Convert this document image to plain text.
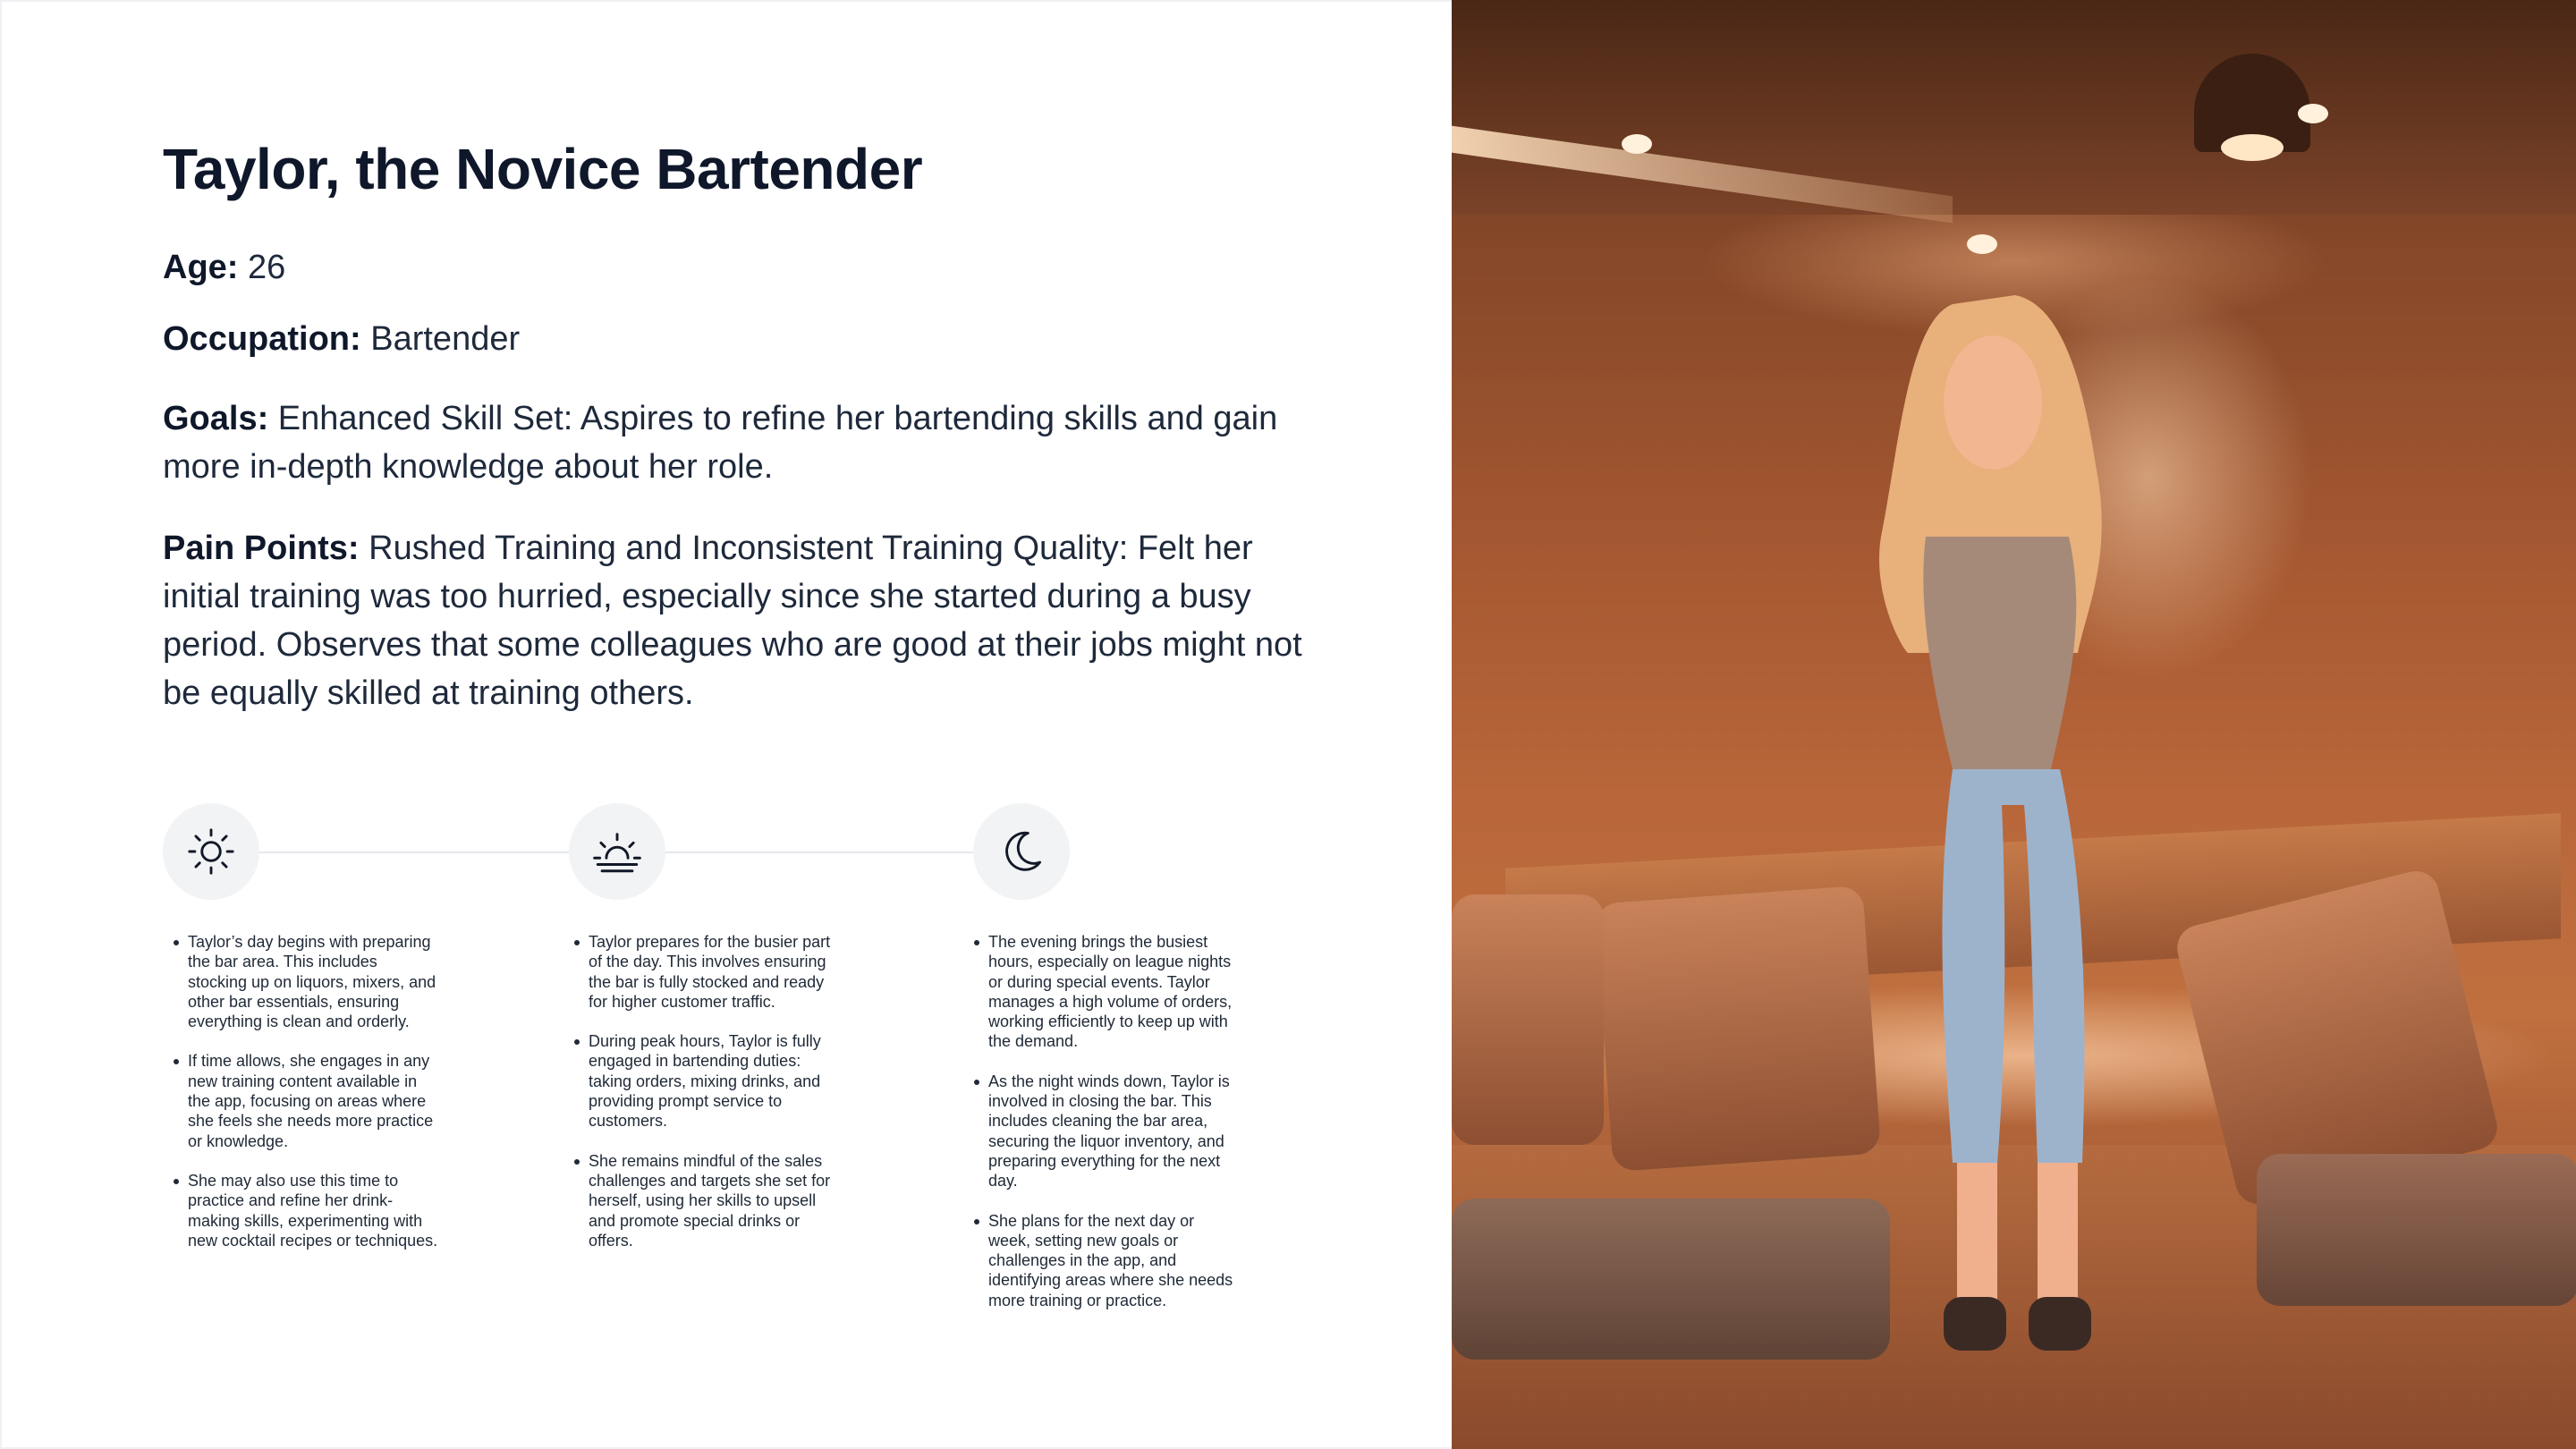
Taylor, the Novice Bartender

Age: 26

Occupation: Bartender

Goals: Enhanced Skill Set: Aspires to refine her bartending skills and gain more in-depth knowledge about her role.

Pain Points: Rushed Training and Inconsistent Training Quality: Felt her initial training was too hurried, especially since she started during a busy period. Observes that some colleagues who are good at their jobs might not be equally skilled at training others.

Taylor’s day begins with preparing the bar area. This includes stocking up on liquors, mixers, and other bar essentials, ensuring everything is clean and orderly.
If time allows, she engages in any new training content available in the app, focusing on areas where she feels she needs more practice or knowledge.
She may also use this time to practice and refine her drink-making skills, experimenting with new cocktail recipes or techniques.
Taylor prepares for the busier part of the day. This involves ensuring the bar is fully stocked and ready for higher customer traffic.
During peak hours, Taylor is fully engaged in bartending duties: taking orders, mixing drinks, and providing prompt service to customers.
She remains mindful of the sales challenges and targets she set for herself, using her skills to upsell and promote special drinks or offers.
The evening brings the busiest hours, especially on league nights or during special events. Taylor manages a high volume of orders, working efficiently to keep up with the demand.
As the night winds down, Taylor is involved in closing the bar. This includes cleaning the bar area, securing the liquor inventory, and preparing everything for the next day.
She plans for the next day or week, setting new goals or challenges in the app, and identifying areas where she needs more training or practice.
